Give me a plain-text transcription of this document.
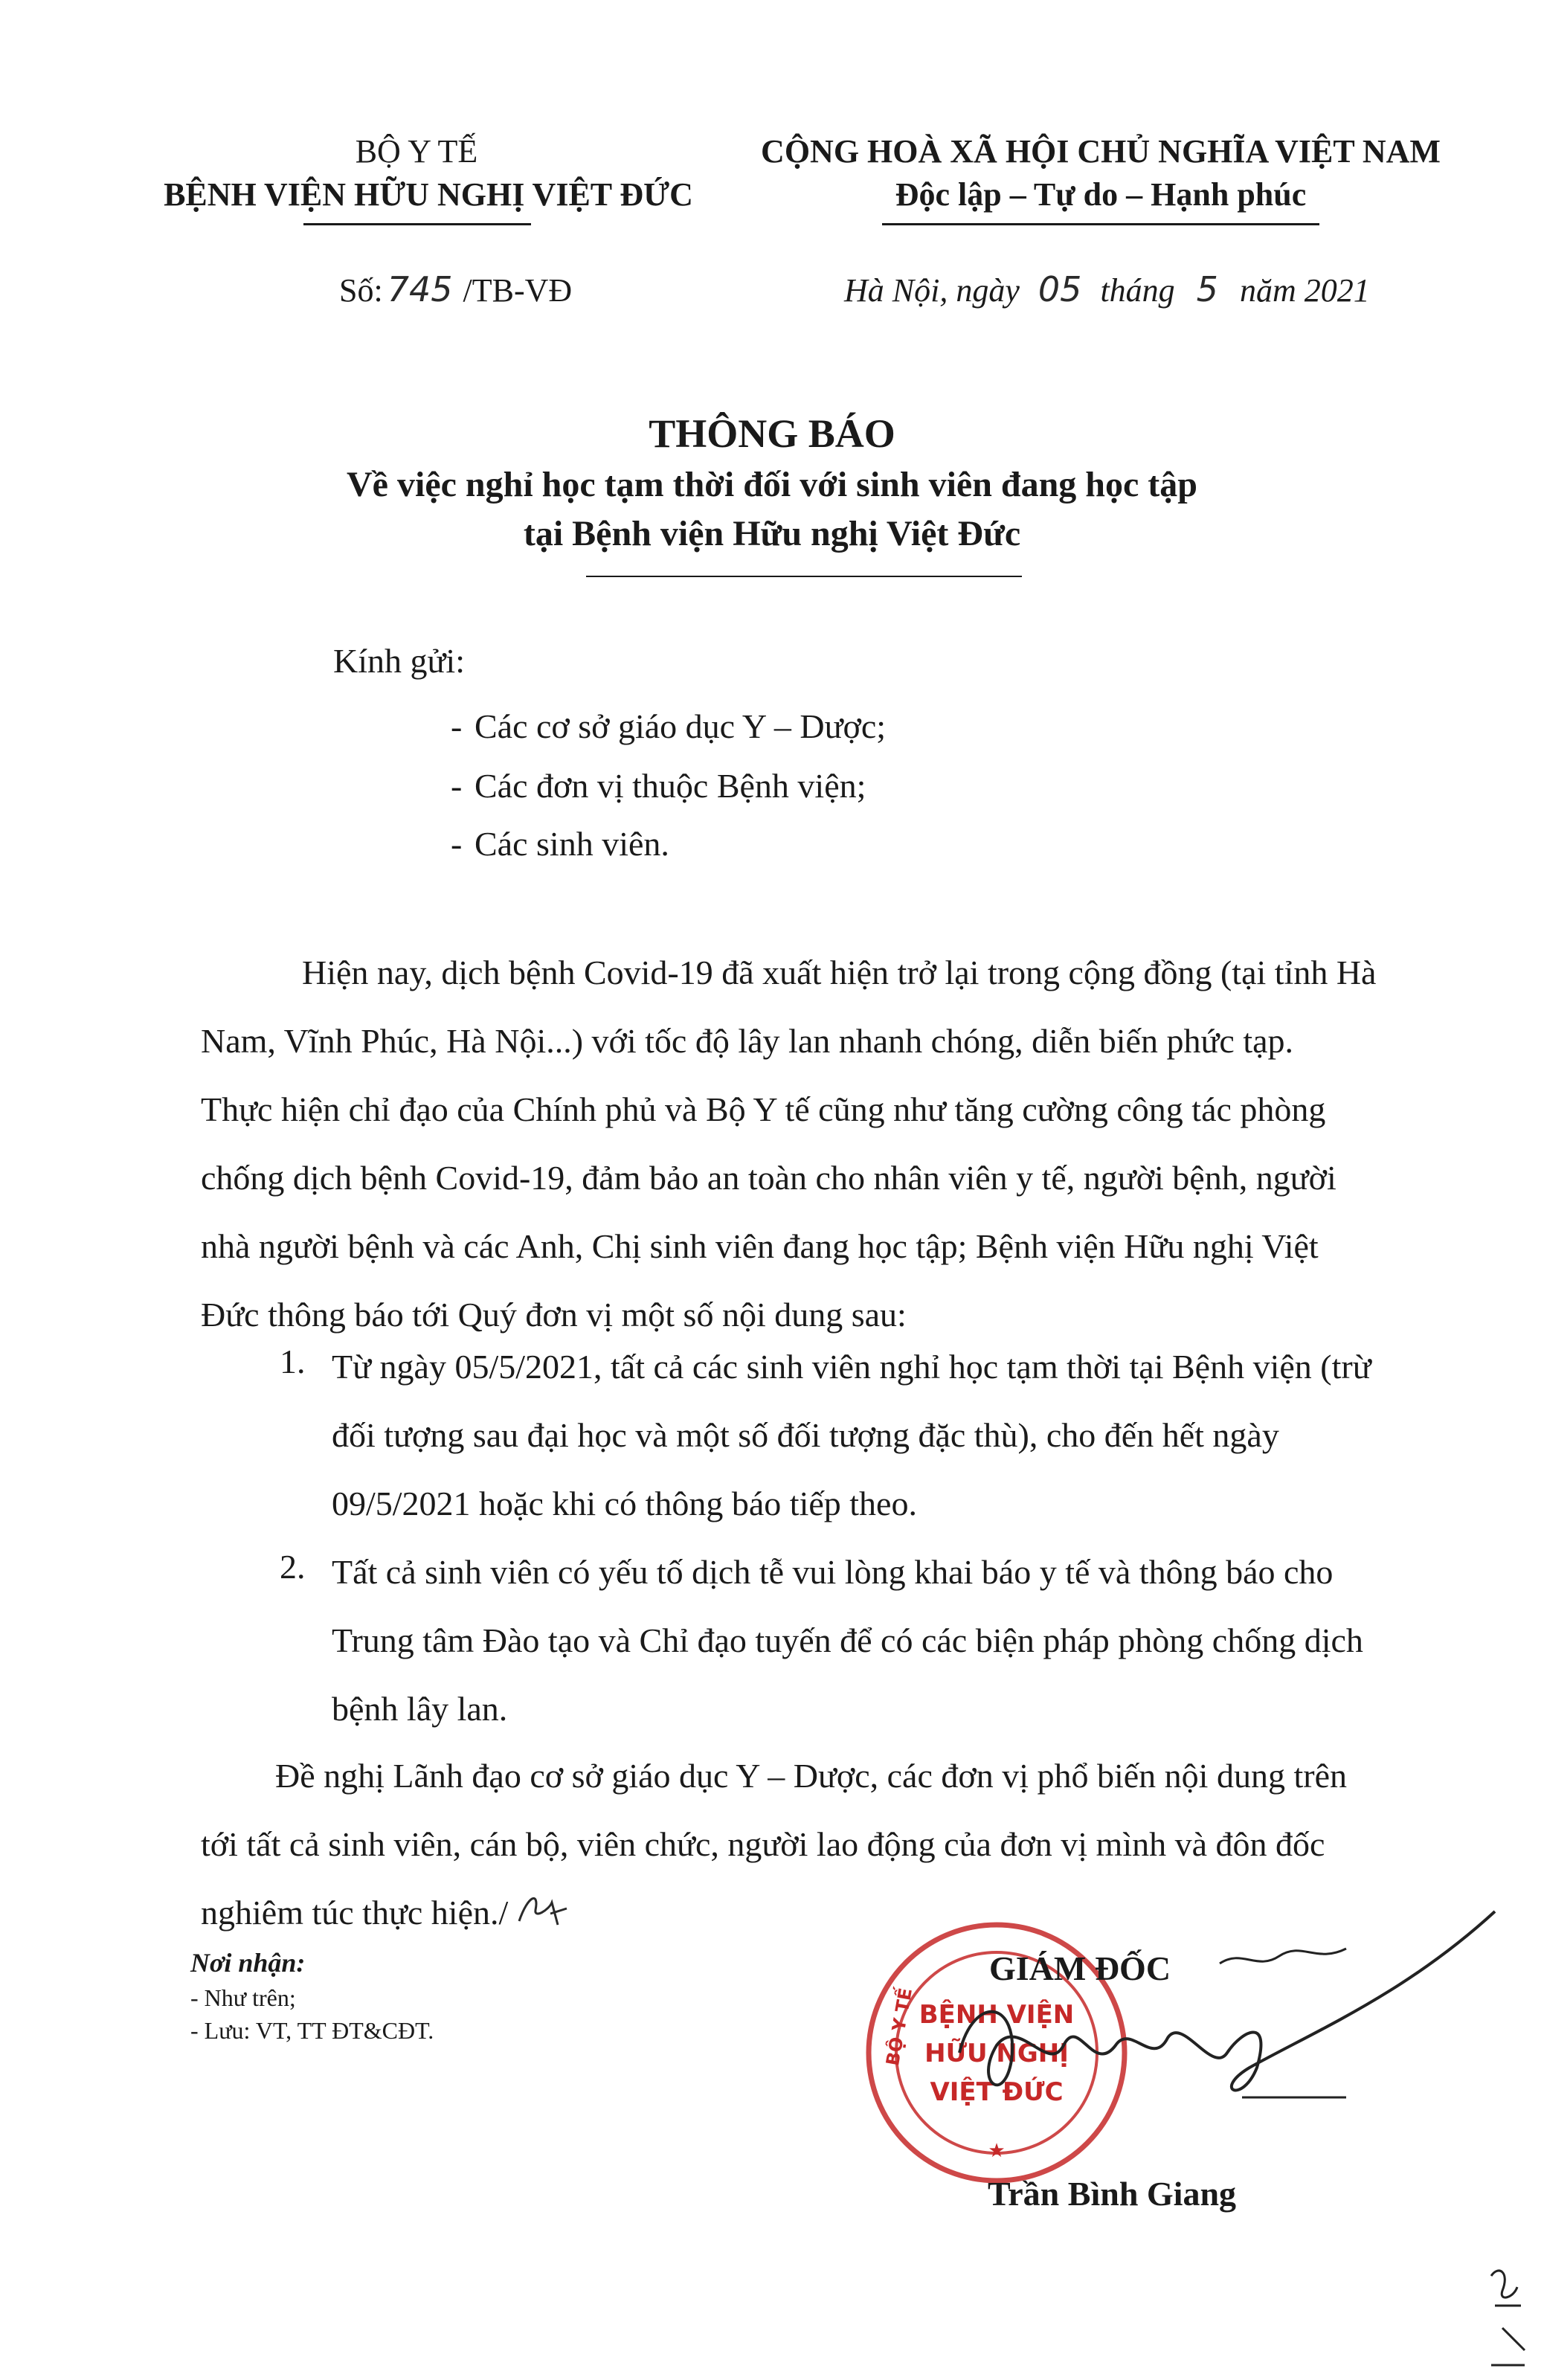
BỘ Y TẾ
BỆNH VIỆN HỮU NGHỊ VIỆT ĐỨC
CỘNG HOÀ XÃ HỘI CHỦ NGHĨA VIỆT NAM
Độc lập – Tự do – Hạnh phúc
Số: 745 /TB-VĐ	Hà Nội, ngày 05 tháng 5 năm 2021
THÔNG BÁO
Về việc nghỉ học tạm thời đối với sinh viên đang học tập
tại Bệnh viện Hữu nghị Việt Đức
Kính gửi:
- Các cơ sở giáo dục Y – Dược;
- Các đơn vị thuộc Bệnh viện;
- Các sinh viên.
Hiện nay, dịch bệnh Covid-19 đã xuất hiện trở lại trong cộng đồng (tại tỉnh Hà
Nam, Vĩnh Phúc, Hà Nội...) với tốc độ lây lan nhanh chóng, diễn biến phức tạp.
Thực hiện chỉ đạo của Chính phủ và Bộ Y tế cũng như tăng cường công tác phòng
chống dịch bệnh Covid-19, đảm bảo an toàn cho nhân viên y tế, người bệnh, người
nhà người bệnh và các Anh, Chị sinh viên đang học tập; Bệnh viện Hữu nghị Việt
Đức thông báo tới Quý đơn vị một số nội dung sau:
1. Từ ngày 05/5/2021, tất cả các sinh viên nghỉ học tạm thời tại Bệnh viện (trừ
đối tượng sau đại học và một số đối tượng đặc thù), cho đến hết ngày
09/5/2021 hoặc khi có thông báo tiếp theo.
2. Tất cả sinh viên có yếu tố dịch tễ vui lòng khai báo y tế và thông báo cho
Trung tâm Đào tạo và Chỉ đạo tuyến để có các biện pháp phòng chống dịch
bệnh lây lan.
Đề nghị Lãnh đạo cơ sở giáo dục Y – Dược, các đơn vị phổ biến nội dung trên
tới tất cả sinh viên, cán bộ, viên chức, người lao động của đơn vị mình và đôn đốc
nghiêm túc thực hiện./
Nơi nhận:
- Như trên;
- Lưu: VT, TT ĐT&CĐT.	BỘ Y TẾ BỆNH VIỆN
HỮU NGHỊ
VIỆT ĐỨC
★
GIÁM ĐỐC
Trần Bình Giang
